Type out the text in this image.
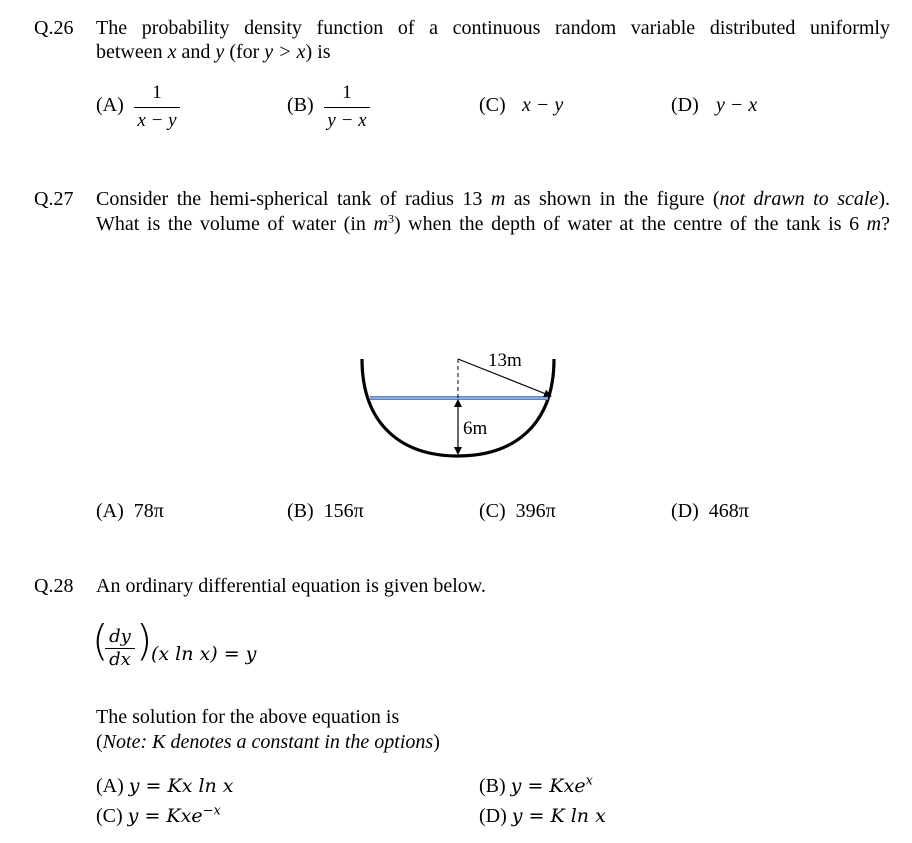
Q.26 The probability density function of a continuous random variable distributed uniformly
between x and y (for y > x) is
$(A) \frac{1}{x - y}$	$(B) \frac{1}{y - x}$	(C) x − y	(D) y − x
Q.27 Consider the hemi-spherical tank of radius 13 m as shown in the figure (not drawn to scale).
What is the volume of water (in $m^3$) when the depth of water at the centre of the tank is 6 m?
13m
6m
(A) 78π	(B) 156π	(C) 396π	(D) 468π
Q.28 An ordinary differential equation is given below.
(
$\frac{dy}{dx}$ )
(x ln x) = y
The solution for the above equation is
(Note: K denotes a constant in the options)
(A) y = Kx ln x	(B) y = Kxe$^x$
(C) y = Kxe$^{-x}$	(D) y = K ln x
